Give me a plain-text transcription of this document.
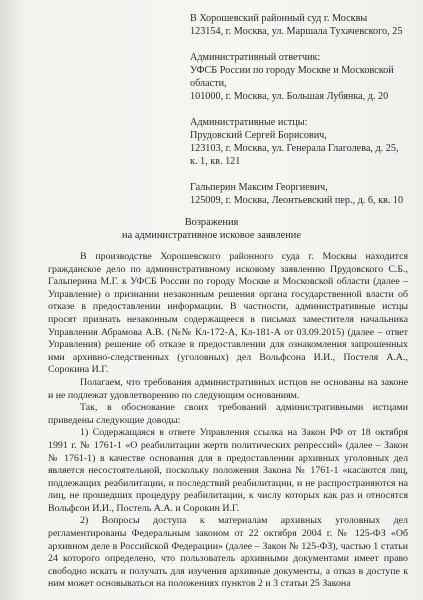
В Хорошевский районный суд г. Москвы

123154, г. Москва, ул. Маршала Тухачевского, 25

Административный ответчик:

УФСБ России по городу Москве и Московской

области,

101000, г. Москва, ул. Большая Лубянка, д. 20

Административные истцы:

Прудовский Сергей Борисович,

123103, г. Москва, ул. Генерала Глаголева, д. 25,

к. 1, кв. 121

Гальперин Максим Георгиевич,

125009, г. Москва, Леонтьевский пер., д. 6, кв. 10

Возражения

на административное исковое заявление

В производстве Хорошевского районного суда г. Москвы находится гражданское дело по административному исковому заявлению Прудовского С.Б., Гальперина М.Г. к УФСБ России по городу Москве и Московской области (далее – Управление) о признании незаконным решения органа государственной власти об отказе в предоставлении информации. В частности, административные истцы просят признать незаконным содержащееся в письмах заместителя начальника Управления Абрамова А.В. (№№ Кл-172-А, Кл-181-А от 03.09.2015) (далее – ответ Управления) решение об отказе в предоставлении для ознакомления запрошенных ими архивно-следственных (уголовных) дел Вольфсона И.И., Постеля А.А., Сорокина И.Г.

Полагаем, что требования административных истцов не основаны на законе и не подлежат удовлетворению по следующим основаниям.

Так, в обоснование своих требований административными истцами приведены следующие доводы:

1) Содержащаяся в ответе Управления ссылка на Закон РФ от 18 октября 1991 г. № 1761-1 «О реабилитации жертв политических репрессий» (далее – Закон № 1761-1) в качестве основания для в предоставлении архивных уголовных дел является несостоятельной, поскольку положения Закона № 1761-1 «касаются лиц, подлежащих реабилитации, и последствий реабилитации, и не распространяются на лиц, не прошедших процедуру реабилитации, к числу которых как раз и относятся Вольфсон И.И., Постель А.А. и Сорокин И.Г.

2) Вопросы доступа к материалам архивных уголовных дел регламентированы Федеральным законом от 22 октября 2004 г. № 125-ФЗ «Об архивном деле в Российской Федерации» (далее – Закон № 125-ФЗ), частью 1 статьи 24 которого определено, что пользователь архивными документами имеет право свободно искать и получать для изучения архивные документы, а отказ в доступе к ним может основываться на положениях пунктов 2 и 3 статьи 25 Закона
